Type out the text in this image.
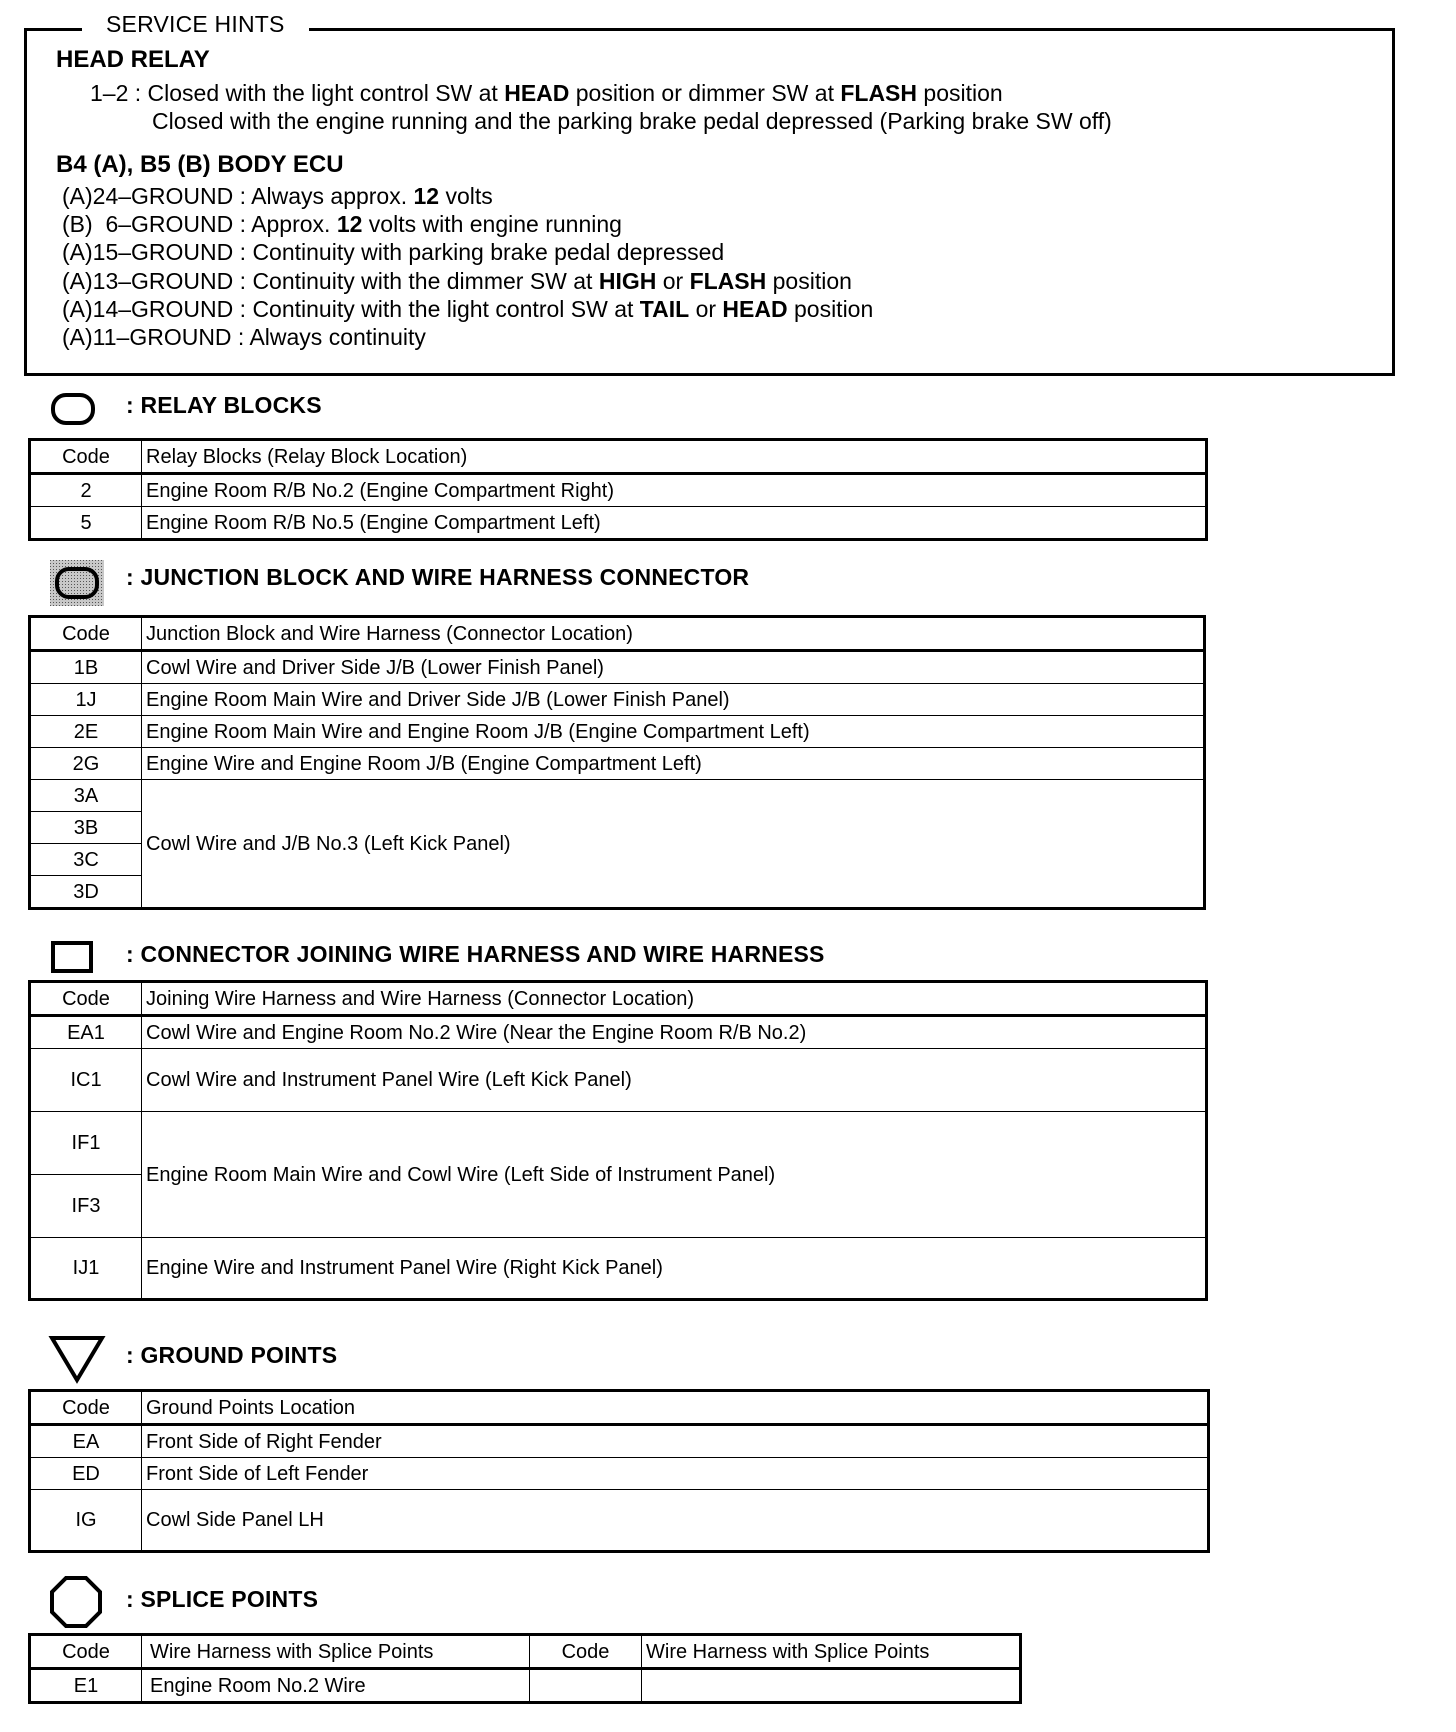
SERVICE HINTS
HEAD RELAY
1–2 : Closed with the light control SW at HEAD position or dimmer SW at FLASH position
Closed with the engine running and the parking brake pedal depressed (Parking brake SW off)
B4 (A), B5 (B) BODY ECU
(A)24–GROUND : Always approx. 12 volts
(B)  6–GROUND : Approx. 12 volts with engine running
(A)15–GROUND : Continuity with parking brake pedal depressed
(A)13–GROUND : Continuity with the dimmer SW at HIGH or FLASH position
(A)14–GROUND : Continuity with the light control SW at TAIL or HEAD position
(A)11–GROUND : Always continuity
: RELAY BLOCKS
Code	Relay Blocks (Relay Block Location)
2	Engine Room R/B No.2 (Engine Compartment Right)
5	Engine Room R/B No.5 (Engine Compartment Left)
: JUNCTION BLOCK AND WIRE HARNESS CONNECTOR
Code	Junction Block and Wire Harness (Connector Location)
1B	Cowl Wire and Driver Side J/B (Lower Finish Panel)
1J	Engine Room Main Wire and Driver Side J/B (Lower Finish Panel)
2E	Engine Room Main Wire and Engine Room J/B (Engine Compartment Left)
2G	Engine Wire and Engine Room J/B (Engine Compartment Left)
3A	Cowl Wire and J/B No.3 (Left Kick Panel)
3B	
3C	
3D	
: CONNECTOR JOINING WIRE HARNESS AND WIRE HARNESS
Code	Joining Wire Harness and Wire Harness (Connector Location)
EA1	Cowl Wire and Engine Room No.2 Wire (Near the Engine Room R/B No.2)
IC1	Cowl Wire and Instrument Panel Wire (Left Kick Panel)
IF1	Engine Room Main Wire and Cowl Wire (Left Side of Instrument Panel)
IF3	
IJ1	Engine Wire and Instrument Panel Wire (Right Kick Panel)
: GROUND POINTS
Code	Ground Points Location
EA	Front Side of Right Fender
ED	Front Side of Left Fender
IG	Cowl Side Panel LH
: SPLICE POINTS
Code	Wire Harness with Splice Points	Code	Wire Harness with Splice Points
E1	Engine Room No.2 Wire		
